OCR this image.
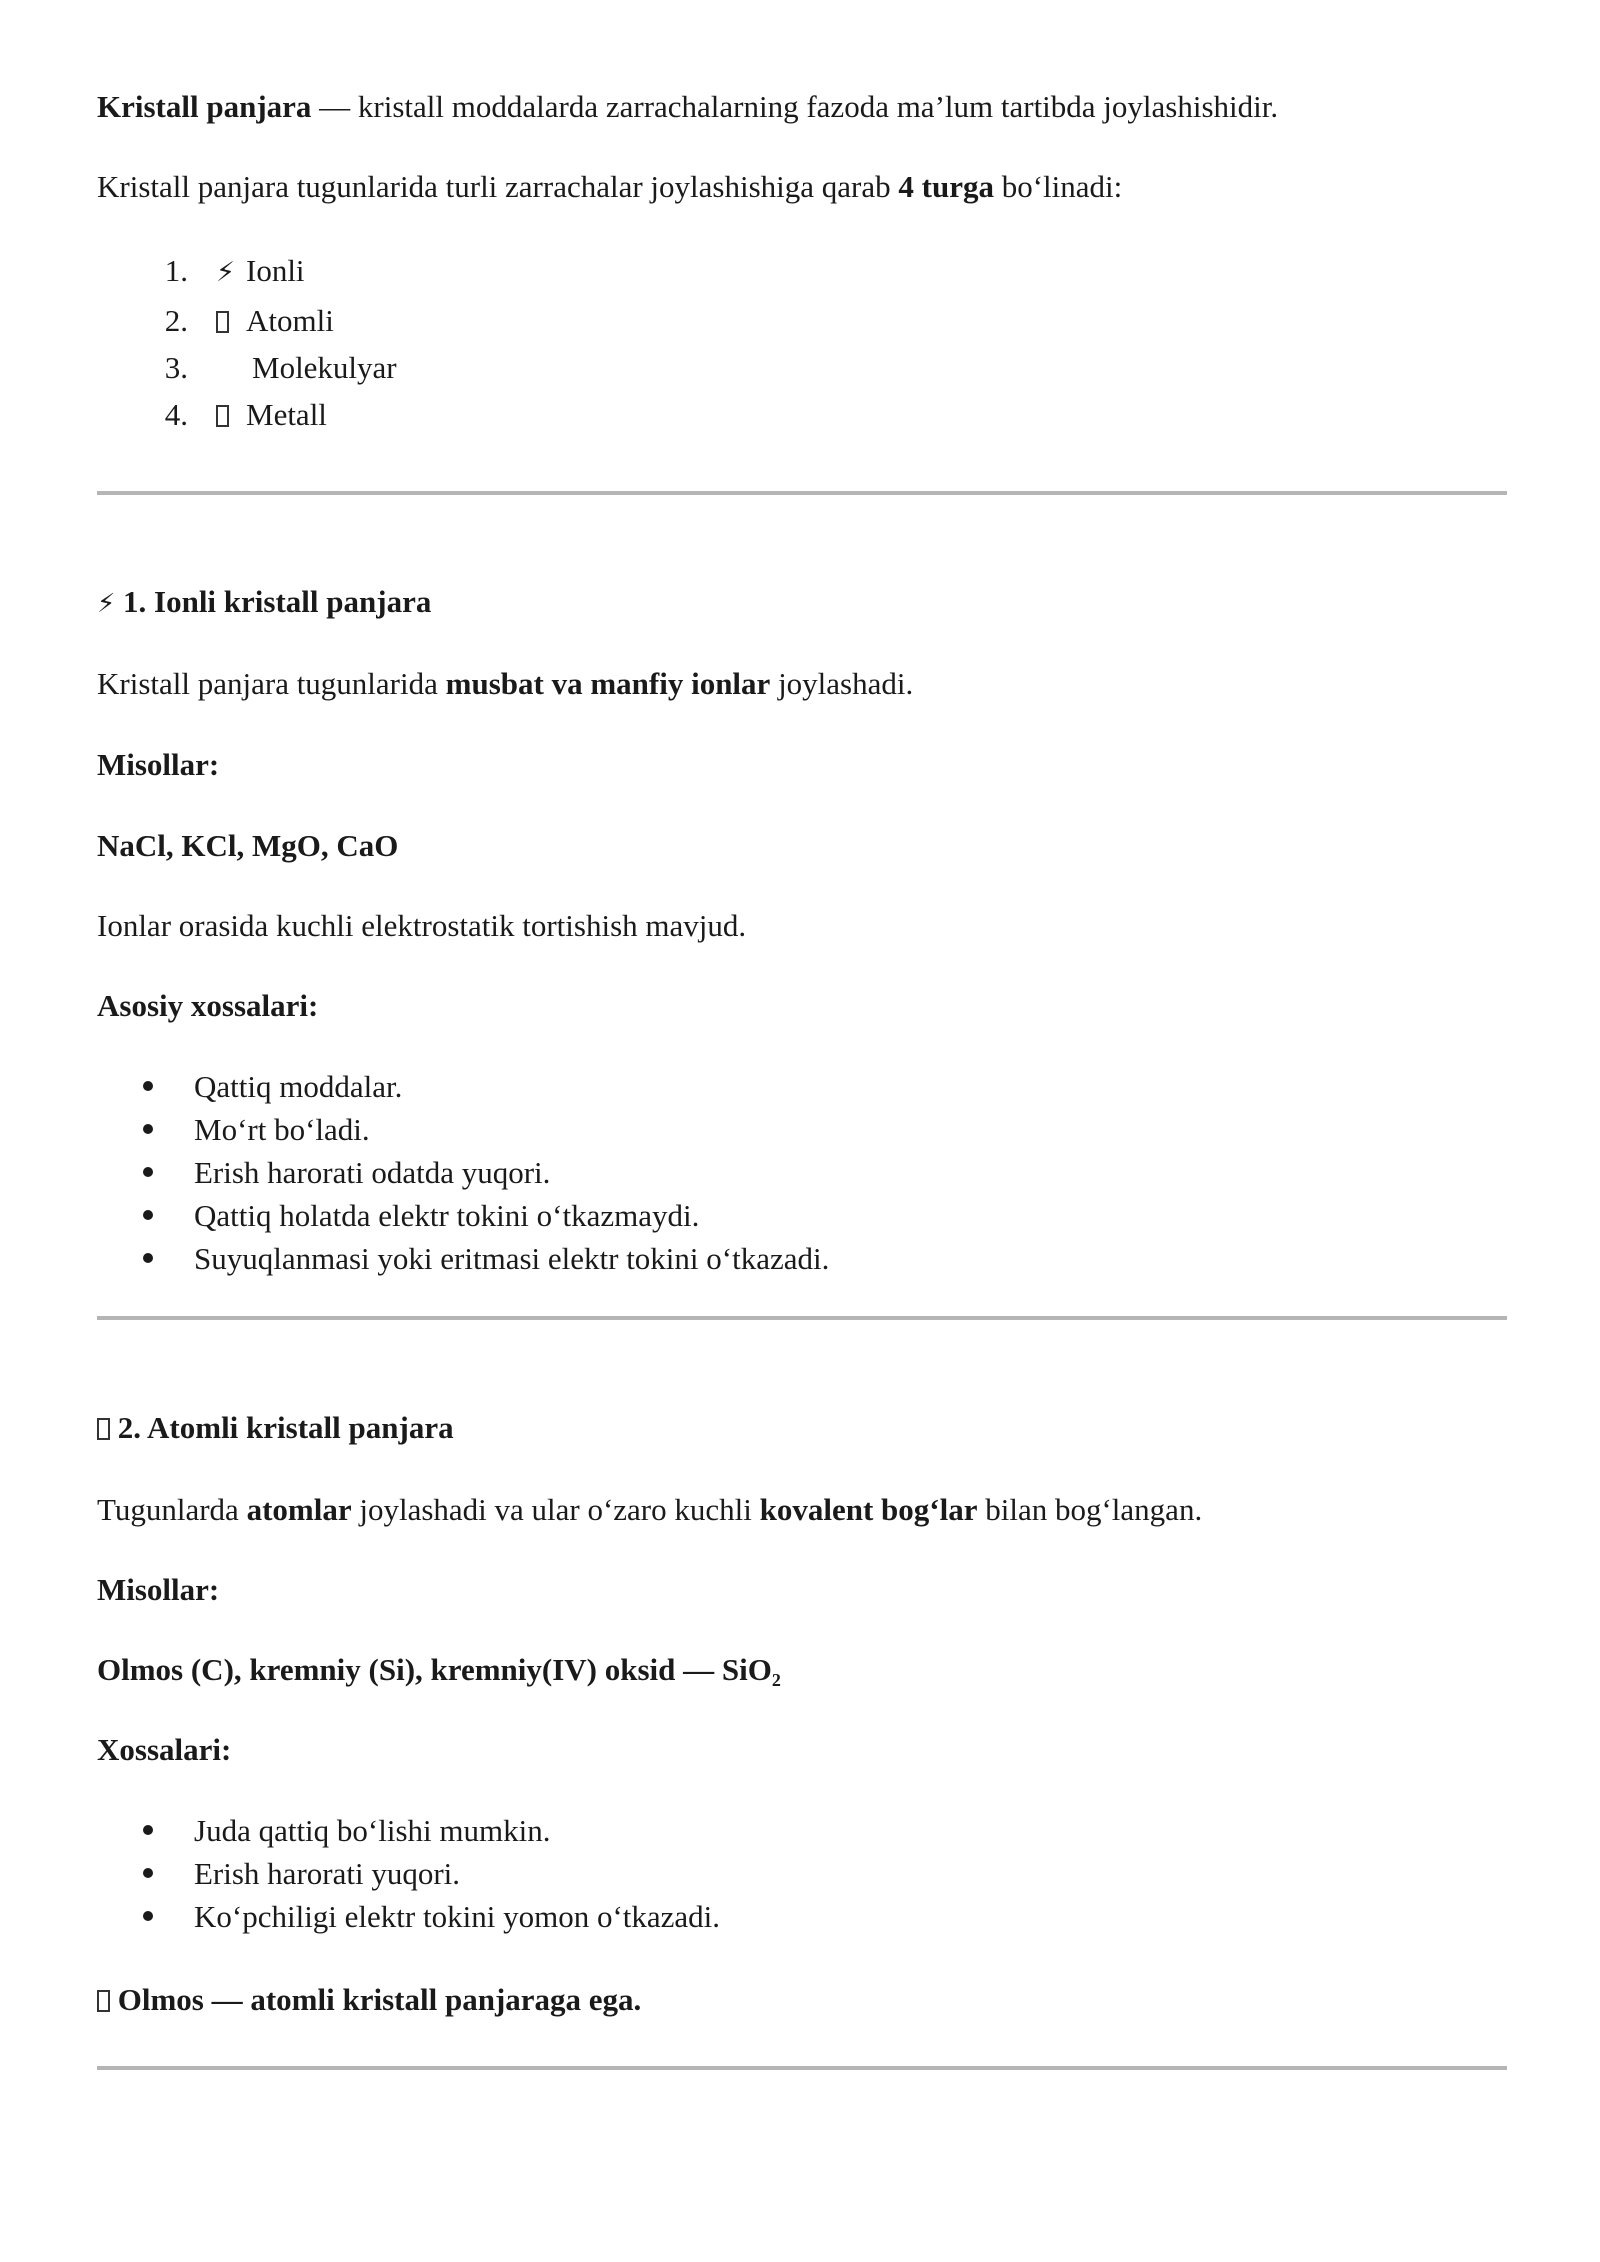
Kristall panjara — kristall moddalarda zarrachalarning fazoda ma’lum tartibda joylashishidir.

Kristall panjara tugunlarida turli zarrachalar joylashishiga qarab 4 turga bo‘linadi:

1. ⚡︎ Ionli
2. Atomli
3. Molekulyar
4. Metall

⚡︎ 1. Ionli kristall panjara

Kristall panjara tugunlarida musbat va manfiy ionlar joylashadi.

Misollar:

NaCl, KCl, MgO, CaO

Ionlar orasida kuchli elektrostatik tortishish mavjud.

Asosiy xossalari:

Qattiq moddalar.
Mo‘rt bo‘ladi.
Erish harorati odatda yuqori.
Qattiq holatda elektr tokini o‘tkazmaydi.
Suyuqlanmasi yoki eritmasi elektr tokini o‘tkazadi.

2. Atomli kristall panjara

Tugunlarda atomlar joylashadi va ular o‘zaro kuchli kovalent bog‘lar bilan bog‘langan.

Misollar:

Olmos (C), kremniy (Si), kremniy(IV) oksid — SiO$_2$

Xossalari:

Juda qattiq bo‘lishi mumkin.
Erish harorati yuqori.
Ko‘pchiligi elektr tokini yomon o‘tkazadi.

Olmos — atomli kristall panjaraga ega.
